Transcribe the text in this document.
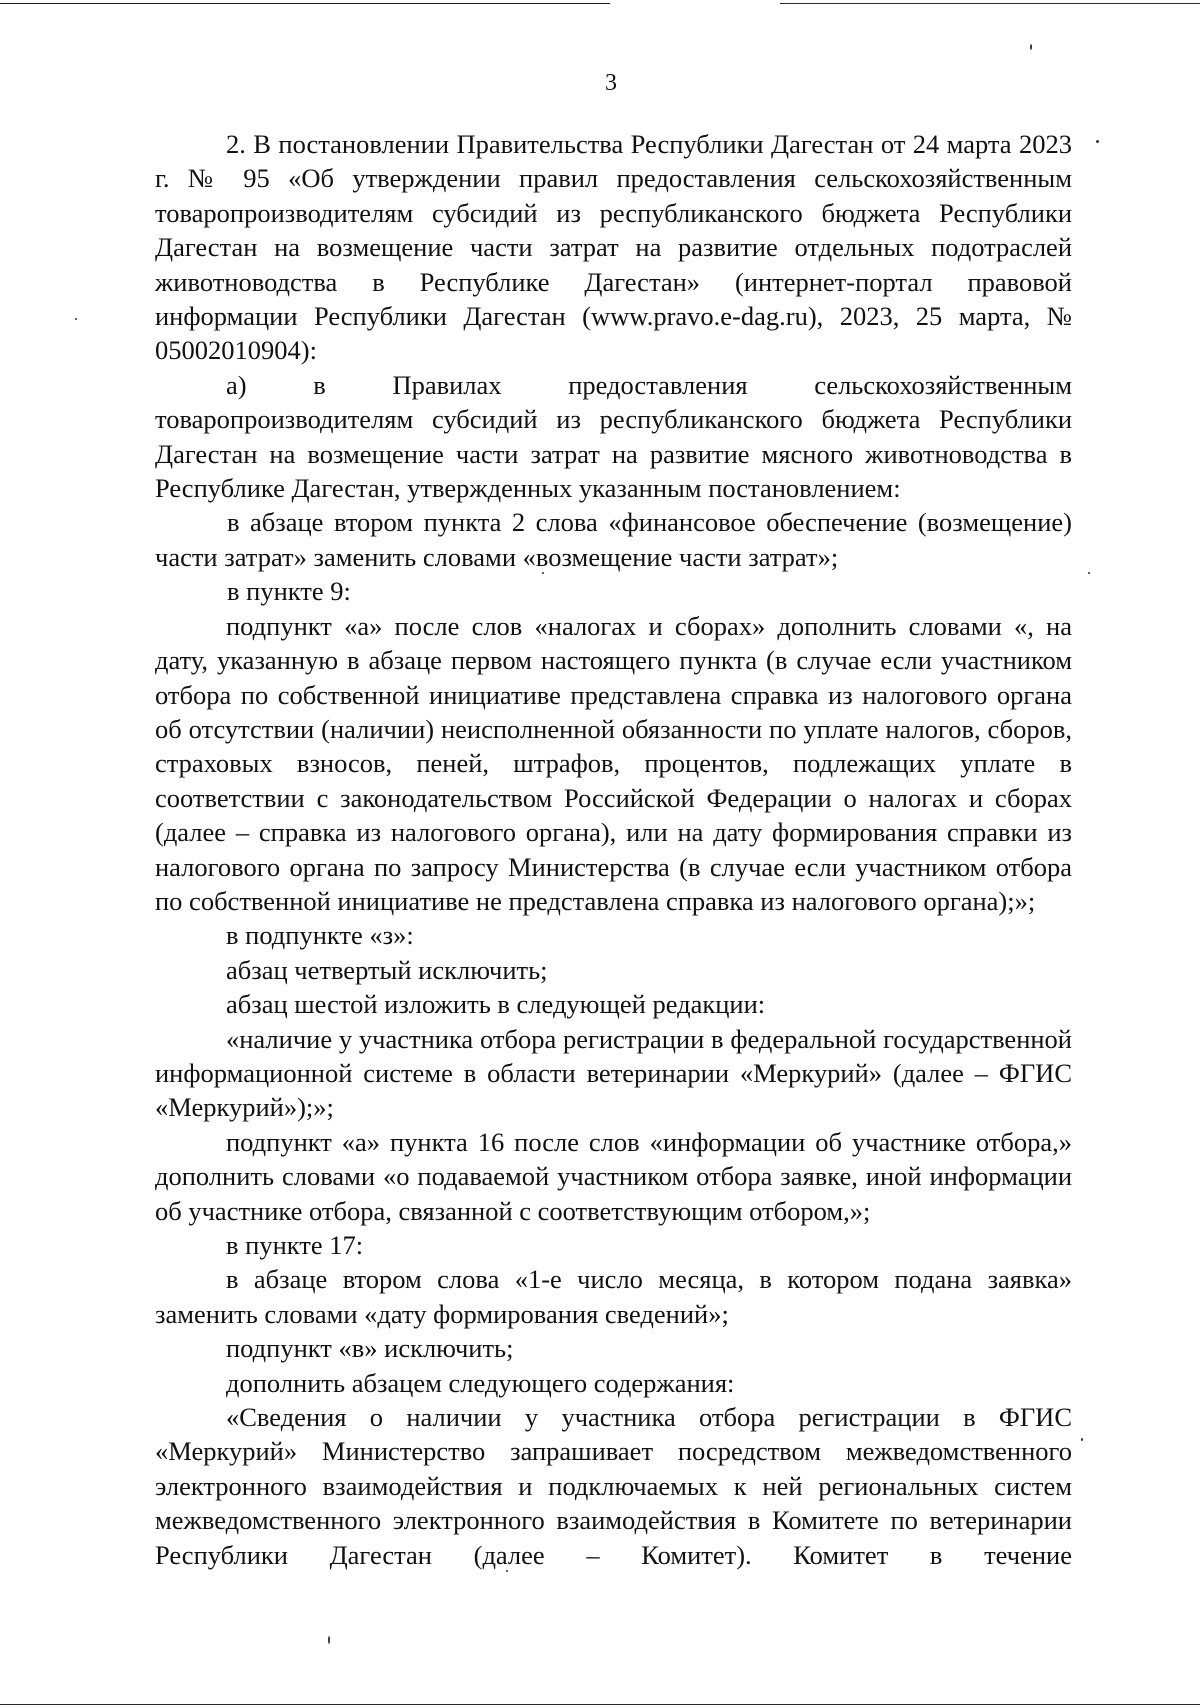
3

2. В постановлении Правительства Республики Дагестан от 24 марта 2023 г. № 95 «Об утверждении правил предоставления сельскохозяйственным товаропроизводителям субсидий из республиканского бюджета Республики Дагестан на возмещение части затрат на развитие отдельных подотраслей животноводства в Республике Дагестан» (интернет-портал правовой информации Республики Дагестан (www.pravo.e-dag.ru), 2023, 25 марта, № 05002010904):

а) в Правилах предоставления сельскохозяйственным товаропроизводителям субсидий из республиканского бюджета Республики Дагестан на возмещение части затрат на развитие мясного животноводства в Республике Дагестан, утвержденных указанным постановлением:

в абзаце втором пункта 2 слова «финансовое обеспечение (возмещение) части затрат» заменить словами «возмещение части затрат»;

в пункте 9:

подпункт «а» после слов «налогах и сборах» дополнить словами «, на дату, указанную в абзаце первом настоящего пункта (в случае если участником отбора по собственной инициативе представлена справка из налогового органа об отсутствии (наличии) неисполненной обязанности по уплате налогов, сборов, страховых взносов, пеней, штрафов, процентов, подлежащих уплате в соответствии с законодательством Российской Федерации о налогах и сборах (далее – справка из налогового органа), или на дату формирования справки из налогового органа по запросу Министерства (в случае если участником отбора по собственной инициативе не представлена справка из налогового органа);»;

в подпункте «з»:

абзац четвертый исключить;

абзац шестой изложить в следующей редакции:

«наличие у участника отбора регистрации в федеральной государственной информационной системе в области ветеринарии «Меркурий» (далее – ФГИС «Меркурий»);»;

подпункт «а» пункта 16 после слов «информации об участнике отбора,» дополнить словами «о подаваемой участником отбора заявке, иной информации об участнике отбора, связанной с соответствующим отбором,»;

в пункте 17:

в абзаце втором слова «1-е число месяца, в котором подана заявка» заменить словами «дату формирования сведений»;

подпункт «в» исключить;

дополнить абзацем следующего содержания:

«Сведения о наличии у участника отбора регистрации в ФГИС «Меркурий» Министерство запрашивает посредством межведомственного электронного взаимодействия и подключаемых к ней региональных систем межведомственного электронного взаимодействия в Комитете по ветеринарии Республики Дагестан (далее – Комитет). Комитет в течение
